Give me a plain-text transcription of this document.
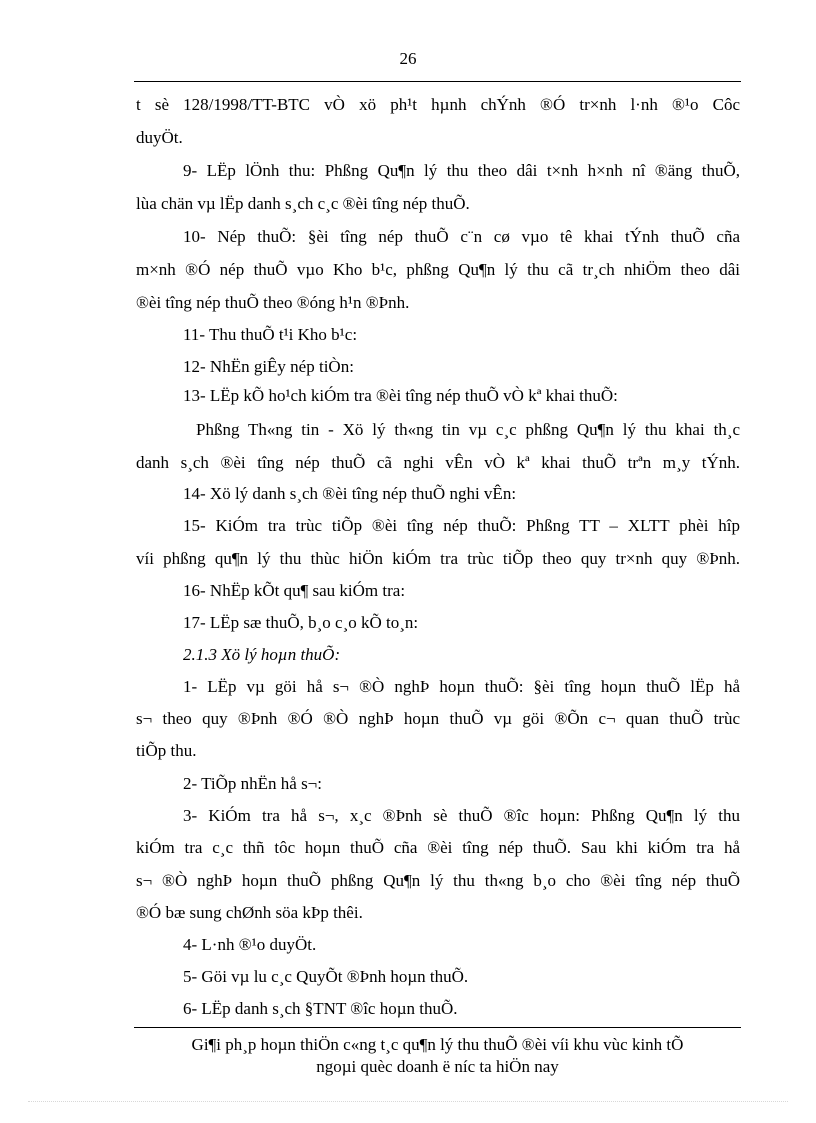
26
t sè 128/1998/TT-BTC vÒ xö ph¹t hµnh chÝnh ®Ó tr×nh l·nh ®¹o Côc
duyÖt.
9- LËp lÖnh thu: Phßng Qu¶n lý thu theo dâi t×nh h×nh nî ®äng thuÕ,
lùa chän vµ lËp danh s¸ch c¸c ®èi tîng nép thuÕ.
10- Nép thuÕ: §èi tîng nép thuÕ c¨n cø vµo tê khai tÝnh thuÕ cña
m×nh ®Ó nép thuÕ vµo Kho b¹c, phßng Qu¶n lý thu cã tr¸ch nhiÖm theo dâi
®èi tîng nép thuÕ theo ®óng h¹n ®Þnh.
11- Thu thuÕ t¹i Kho b¹c:
12- NhËn giÊy nép tiÒn:
13- LËp kÕ ho¹ch kiÓm tra ®èi tîng nép thuÕ vÒ kª khai thuÕ:
Phßng Th«ng tin - Xö lý th«ng tin vµ c¸c phßng Qu¶n lý thu khai th¸c
danh s¸ch ®èi tîng nép thuÕ cã nghi vÊn vÒ kª khai thuÕ trªn m¸y tÝnh.
14- Xö lý danh s¸ch ®èi tîng nép thuÕ nghi vÊn:
15- KiÓm tra trùc tiÕp ®èi tîng nép thuÕ: Phßng TT – XLTT phèi hîp
víi phßng qu¶n lý thu thùc hiÖn kiÓm tra trùc tiÕp theo quy tr×nh quy ®Þnh.
16- NhËp kÕt qu¶ sau kiÓm tra:
17- LËp sæ thuÕ, b¸o c¸o kÕ to¸n:
2.1.3 Xö lý hoµn thuÕ:
1- LËp vµ göi hå s¬ ®Ò nghÞ hoµn thuÕ: §èi tîng hoµn thuÕ lËp hå
s¬ theo quy ®Þnh ®Ó ®Ò nghÞ hoµn thuÕ vµ göi ®Õn c¬ quan thuÕ trùc
tiÕp thu.
2- TiÕp nhËn hå s¬:
3- KiÓm tra hå s¬, x¸c ®Þnh sè thuÕ ®îc hoµn: Phßng Qu¶n lý thu
kiÓm tra c¸c thñ tôc hoµn thuÕ cña ®èi tîng nép thuÕ. Sau khi kiÓm tra hå
s¬ ®Ò nghÞ hoµn thuÕ phßng Qu¶n lý thu th«ng b¸o cho ®èi tîng nép thuÕ
®Ó bæ sung chØnh söa kÞp thêi.
4- L·nh ®¹o duyÖt.
5- Göi vµ lu c¸c QuyÕt ®Þnh hoµn thuÕ.
6- LËp danh s¸ch §TNT ®îc hoµn thuÕ.
Gi¶i ph¸p hoµn thiÖn c«ng t¸c qu¶n lý thu thuÕ ®èi víi khu vùc kinh tÕ
ngoµi quèc doanh ë níc ta hiÖn nay
